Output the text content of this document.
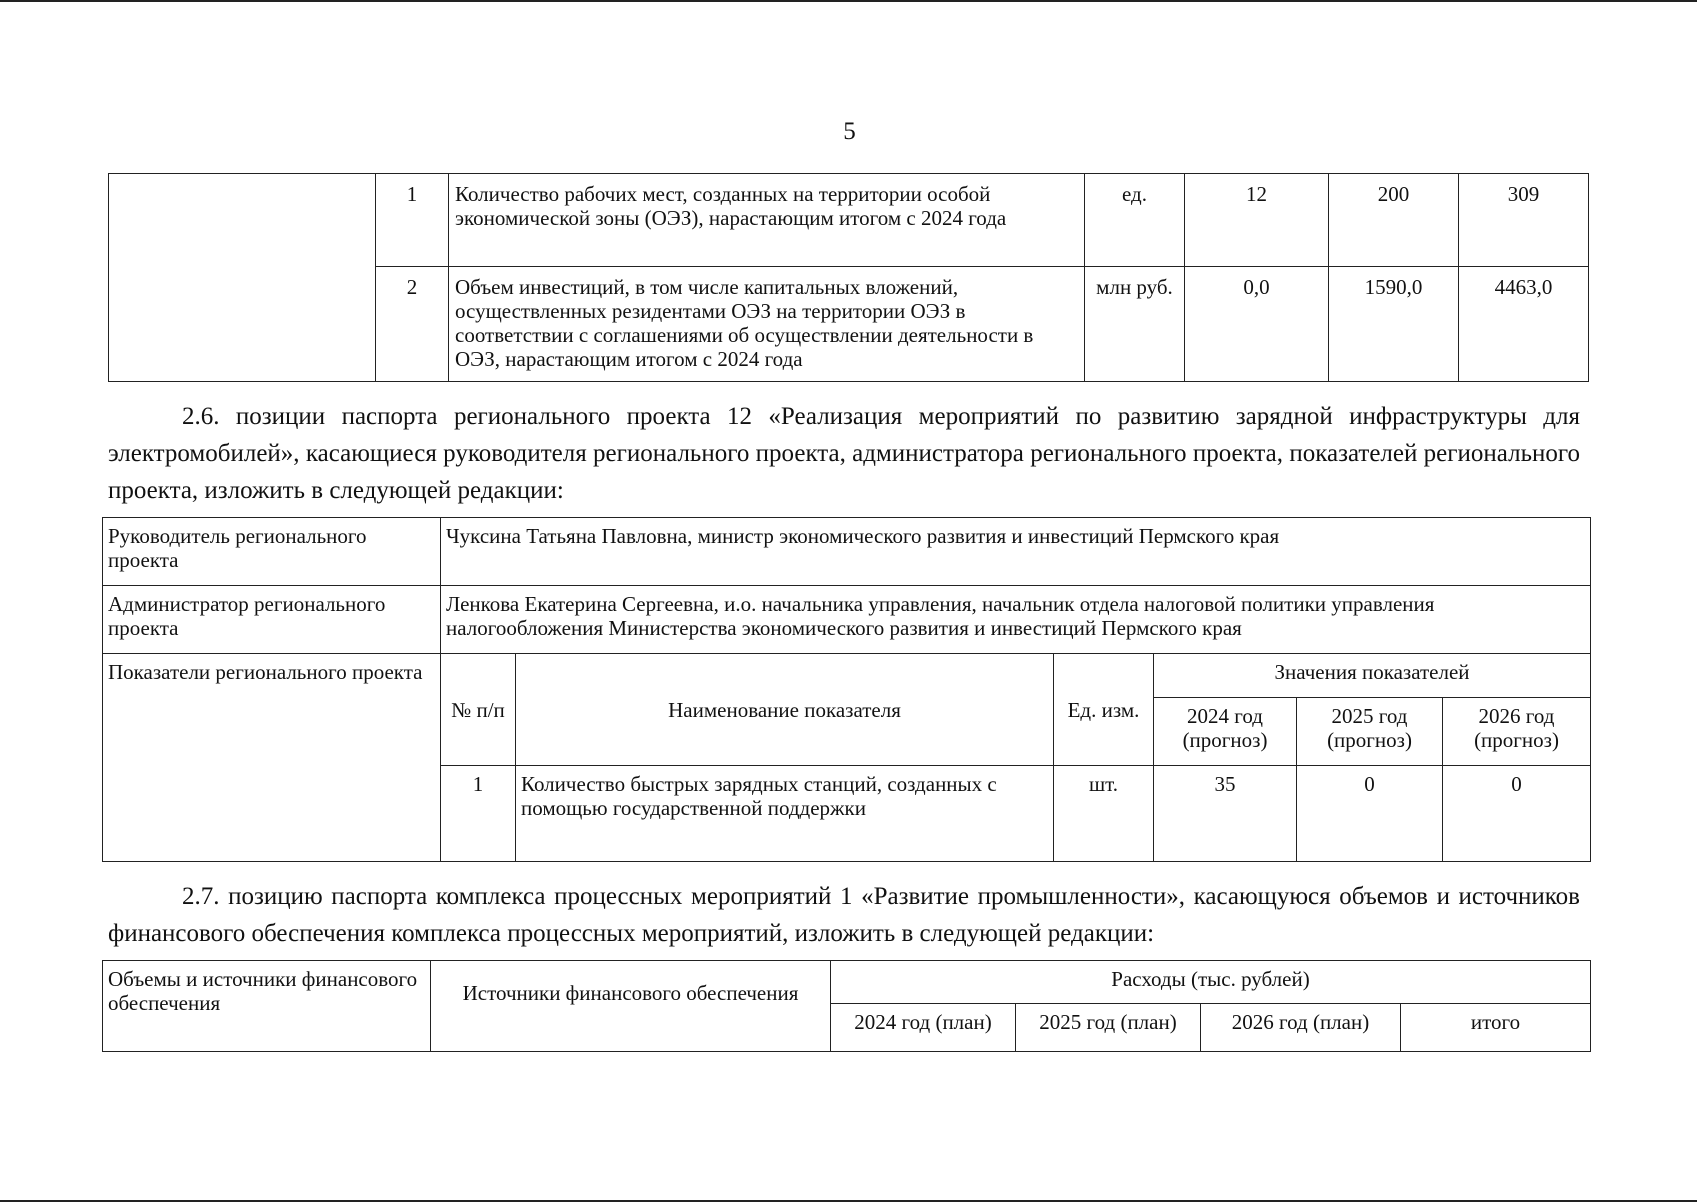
5
	1	Количество рабочих мест, созданных на территории особой экономической зоны (ОЭЗ), нарастающим итогом с 2024 года	ед.	12	200	309
	2	Объем инвестиций, в том числе капитальных вложений, осуществленных резидентами ОЭЗ на территории ОЭЗ в соответствии с соглашениями об осуществлении деятельности в ОЭЗ, нарастающим итогом с 2024 года	млн руб.	0,0	1590,0	4463,0
2.6. позиции паспорта регионального проекта 12 «Реализация мероприятий по развитию зарядной инфраструктуры для электромобилей», касающиеся руководителя регионального проекта, администратора регионального проекта, показателей регионального проекта, изложить в следующей редакции:
Руководитель регионального проекта	Чуксина Татьяна Павловна, министр экономического развития и инвестиций Пермского края					
Администратор регионального проекта	Ленкова Екатерина Сергеевна, и.о. начальника управления, начальник отдела налоговой политики управления налогообложения Министерства экономического развития и инвестиций Пермского края					
Показатели регионального проекта	№ п/п	Наименование показателя	Ед. изм.	Значения показателей		
				2024 год (прогноз)	2025 год (прогноз)	2026 год (прогноз)
	1	Количество быстрых зарядных станций, созданных с помощью государственной поддержки	шт.	35	0	0
2.7. позицию паспорта комплекса процессных мероприятий 1 «Развитие промышленности», касающуюся объемов и источников финансового обеспечения комплекса процессных мероприятий, изложить в следующей редакции:
Объемы и источники финансового обеспечения	Источники финансового обеспечения	Расходы (тыс. рублей)			
		2024 год (план)	2025 год (план)	2026 год (план)	итого
